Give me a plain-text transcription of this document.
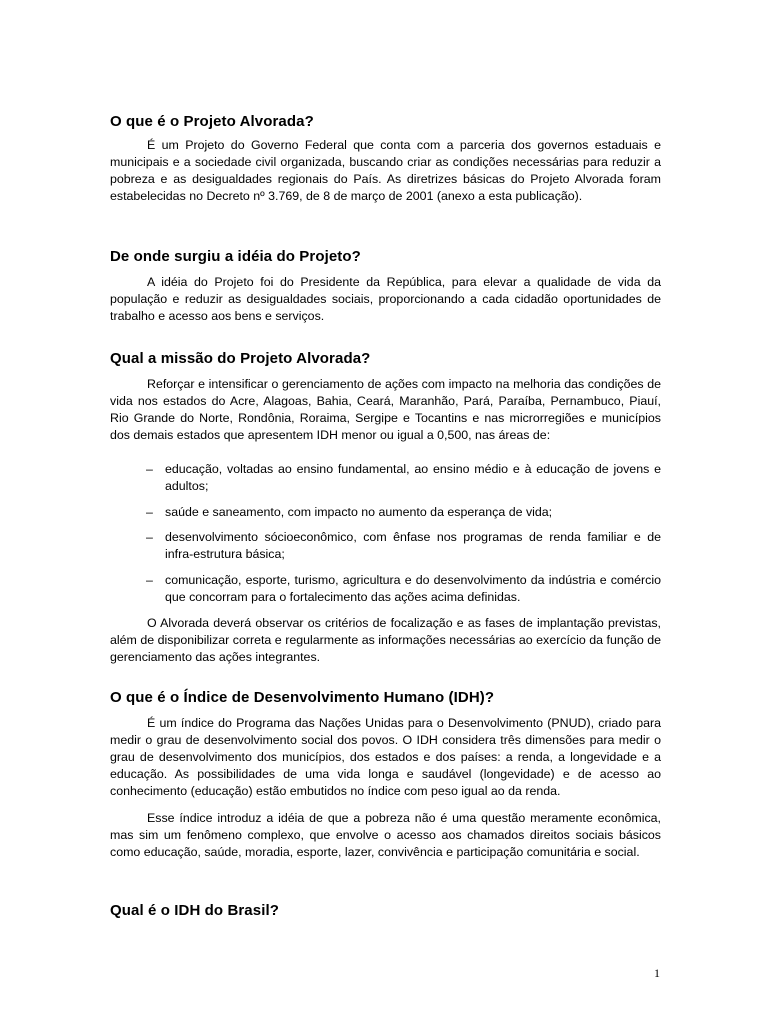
O que é o Projeto Alvorada?

É um Projeto do Governo Federal que conta com a parceria dos governos estaduais e municipais e a sociedade civil organizada, buscando criar as condições necessárias para reduzir a pobreza e as desigualdades regionais do País. As diretrizes básicas do Projeto Alvorada foram estabelecidas no Decreto nº 3.769, de 8 de março de 2001 (anexo a esta publicação).

De onde surgiu a idéia do Projeto?

A idéia do Projeto foi do Presidente da República, para elevar a qualidade de vida da população e reduzir as desigualdades sociais, proporcionando a cada cidadão oportunidades de trabalho e acesso aos bens e serviços.

Qual a missão do Projeto Alvorada?

Reforçar e intensificar o gerenciamento de ações com impacto na melhoria das condições de vida nos estados do Acre, Alagoas, Bahia, Ceará, Maranhão, Pará, Paraíba, Pernambuco, Piauí, Rio Grande do Norte, Rondônia, Roraima, Sergipe e Tocantins e nas microrregiões e municípios dos demais estados que apresentem IDH menor ou igual a 0,500, nas áreas de:

– educação, voltadas ao ensino fundamental, ao ensino médio e à educação de jovens e adultos;
– saúde e saneamento, com impacto no aumento da esperança de vida;
– desenvolvimento sócioeconômico, com ênfase nos programas de renda familiar e de infra-estrutura básica;
– comunicação, esporte, turismo, agricultura e do desenvolvimento da indústria e comércio que concorram para o fortalecimento das ações acima definidas.

O Alvorada deverá observar os critérios de focalização e as fases de implantação previstas, além de disponibilizar correta e regularmente as informações necessárias ao exercício da função de gerenciamento das ações integrantes.

O que é o Índice de Desenvolvimento Humano (IDH)?

É um índice do Programa das Nações Unidas para o Desenvolvimento (PNUD), criado para medir o grau de desenvolvimento social dos povos. O IDH considera três dimensões para medir o grau de desenvolvimento dos municípios, dos estados e dos países: a renda, a longevidade e a educação. As possibilidades de uma vida longa e saudável (longevidade) e de acesso ao conhecimento (educação) estão embutidos no índice com peso igual ao da renda.

Esse índice introduz a idéia de que a pobreza não é uma questão meramente econômica, mas sim um fenômeno complexo, que envolve o acesso aos chamados direitos sociais básicos como educação, saúde, moradia, esporte, lazer, convivência e participação comunitária e social.

Qual é o IDH do Brasil?
1
